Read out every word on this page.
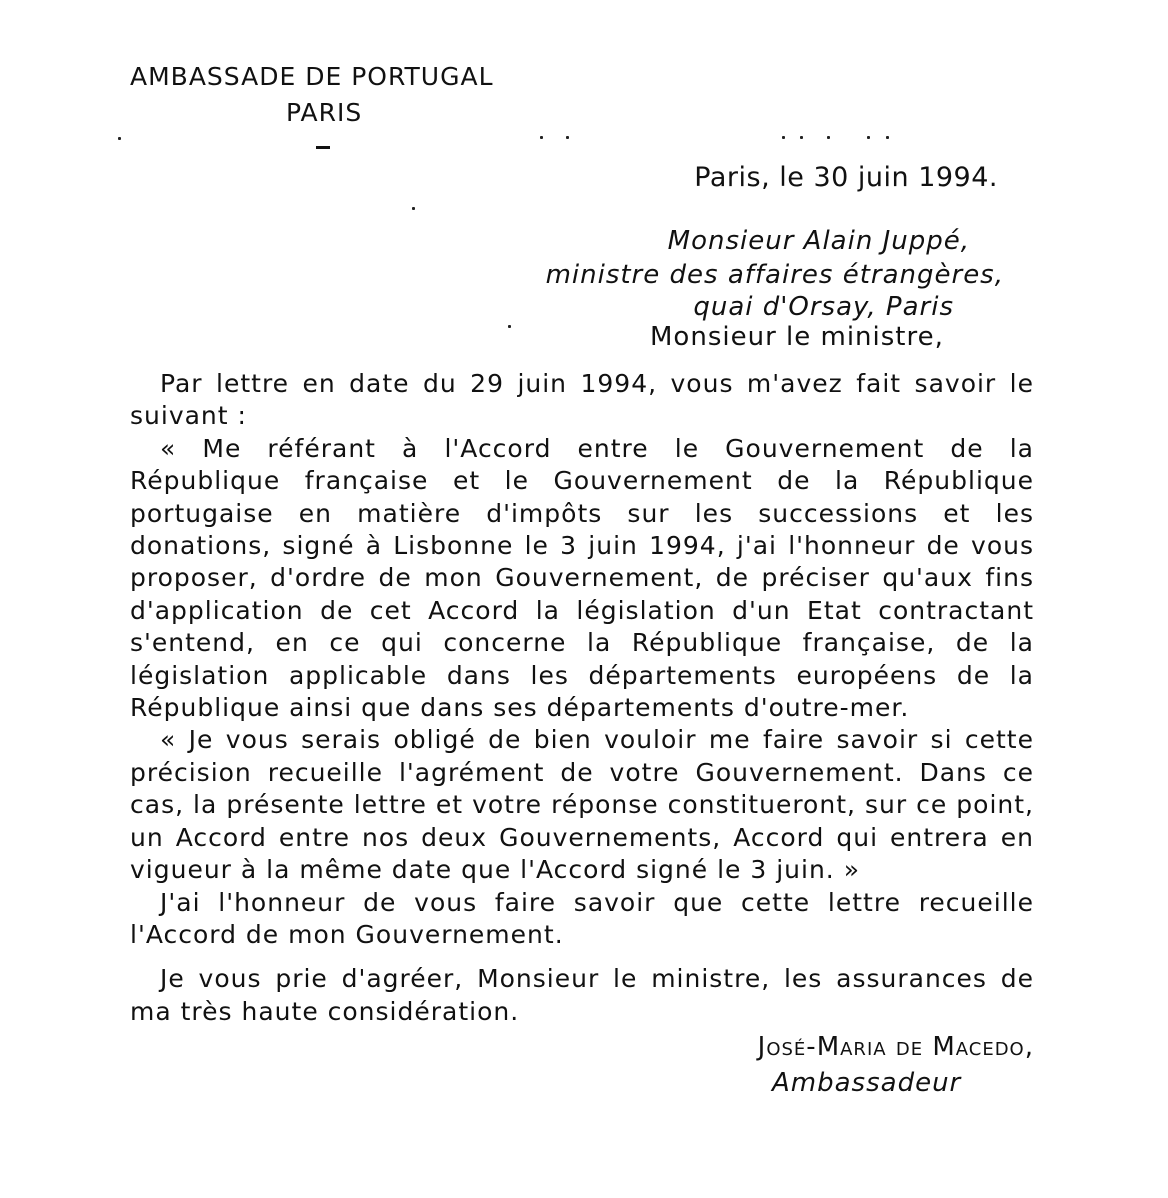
AMBASSADE DE PORTUGAL
PARIS
Paris, le 30 juin 1994.
Monsieur Alain Juppé,
ministre des affaires étrangères,
quai d'Orsay, Paris
Monsieur le ministre,

Par lettre en date du 29 juin 1994, vous m'avez fait savoir le suivant :

« Me référant à l'Accord entre le Gouvernement de la République française et le Gouvernement de la République portugaise en matière d'impôts sur les successions et les donations, signé à Lisbonne le 3 juin 1994, j'ai l'honneur de vous proposer, d'ordre de mon Gouvernement, de préciser qu'aux fins d'application de cet Accord la législation d'un Etat contractant s'entend, en ce qui concerne la République française, de la législation applicable dans les départements européens de la République ainsi que dans ses départements d'outre-mer.

« Je vous serais obligé de bien vouloir me faire savoir si cette précision recueille l'agrément de votre Gouvernement. Dans ce cas, la présente lettre et votre réponse constitueront, sur ce point, un Accord entre nos deux Gouvernements, Accord qui entrera en vigueur à la même date que l'Accord signé le 3 juin. »

J'ai l'honneur de vous faire savoir que cette lettre recueille l'Accord de mon Gouvernement.

Je vous prie d'agréer, Monsieur le ministre, les assurances de ma très haute considération.

José-Maria de Macedo,
Ambassadeur
